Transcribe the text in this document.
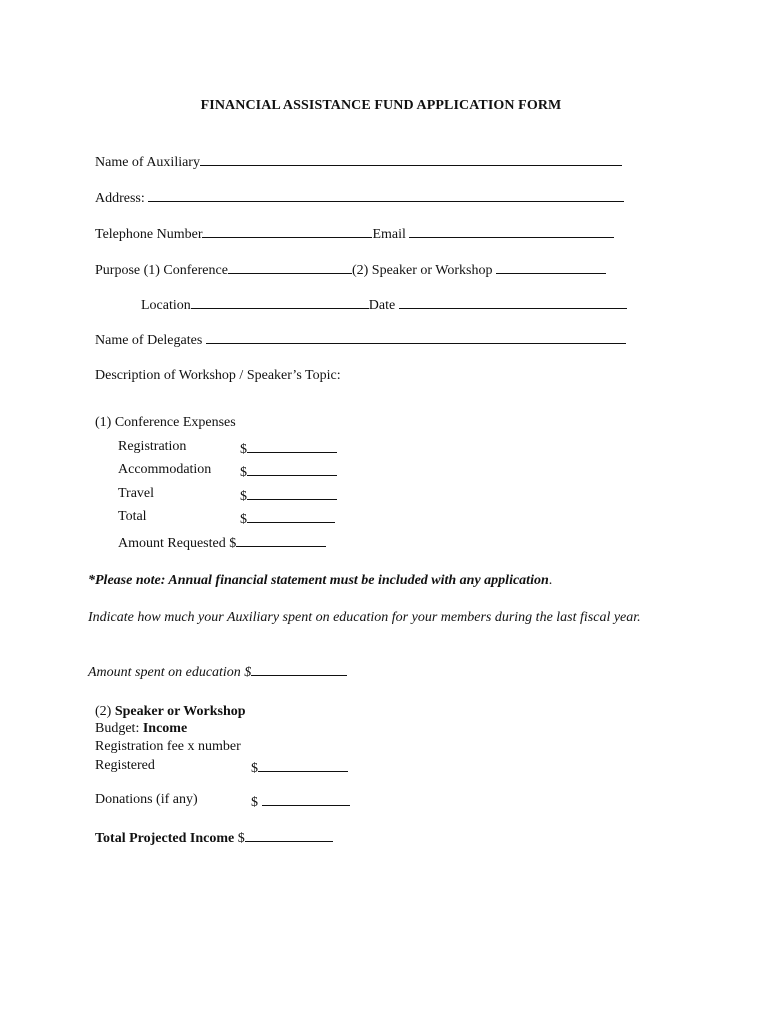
FINANCIAL ASSISTANCE FUND APPLICATION FORM
Name of Auxiliary
Address:
Telephone Number	Email
Purpose (1) Conference	(2) Speaker or Workshop
Location	Date
Name of Delegates
Description of Workshop / Speaker’s Topic:
(1) Conference Expenses
Registration	$
Accommodation $
Travel	$
Total	$
Amount Requested $
*Please note: Annual financial statement must be included with any application.
Indicate how much your Auxiliary spent on education for your members during the last fiscal year.
Amount spent on education $
(2) Speaker or Workshop
Budget: Income
Registration fee x number
Registered	$
Donations (if any)	$
Total Projected Income $
